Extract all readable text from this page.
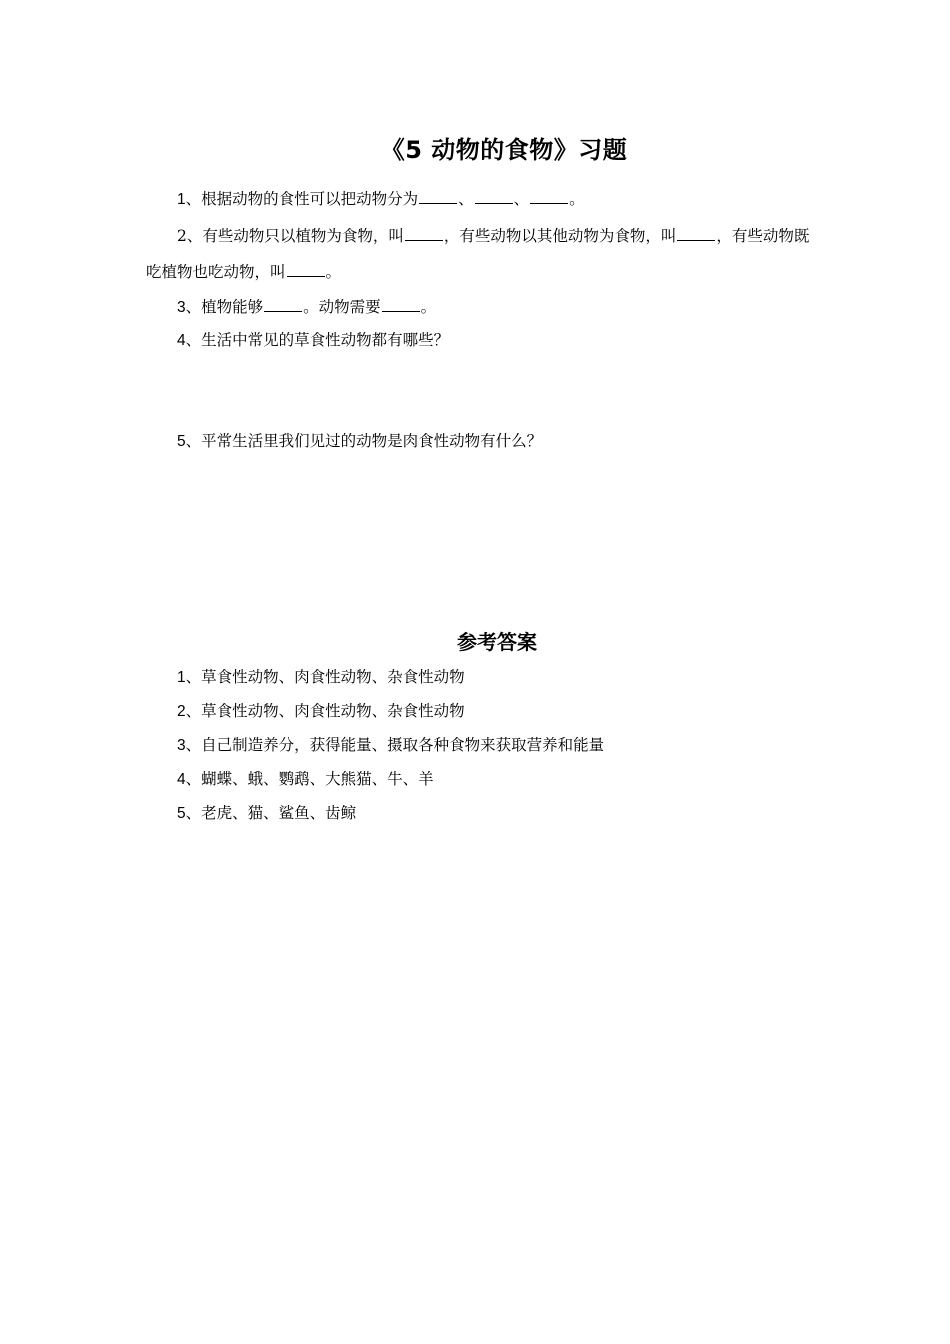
《5 动物的食物》习题
1、根据动物的食性可以把动物分为	、	、	。
2、有些动物只以植物为食物，叫	，有些动物以其他动物为食物，叫	，有些动物既吃植物也吃动物，叫	。
3、植物能够	。动物需要	。
4、生活中常见的草食性动物都有哪些？
5、平常生活里我们见过的动物是肉食性动物有什么？
参考答案
1、草食性动物、肉食性动物、杂食性动物
2、草食性动物、肉食性动物、杂食性动物
3、自己制造养分，获得能量、摄取各种食物来获取营养和能量
4、蝴蝶、蛾、鹦鹉、大熊猫、牛、羊
5、老虎、猫、鲨鱼、齿鲸
